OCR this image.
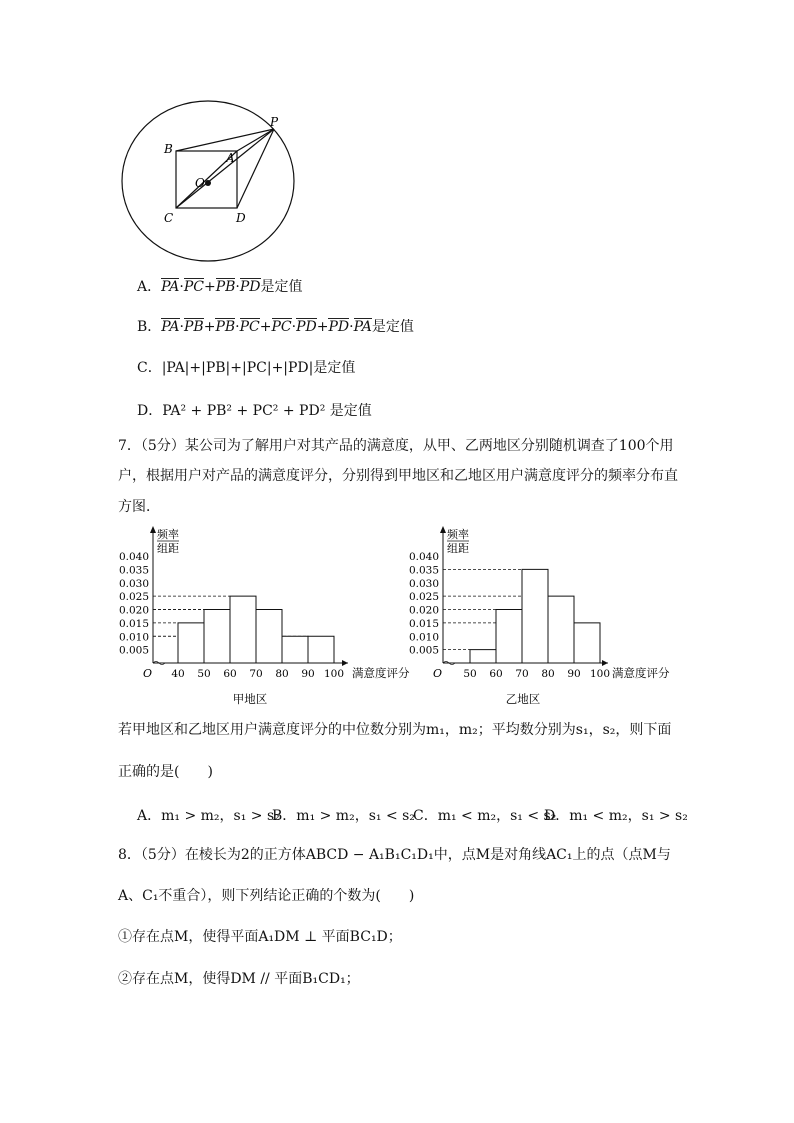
P
B
A
O
C	D
A．PA·PC+PB·PD是定值
B．PA·PB+PB·PC+PC·PD+PD·PA是定值
C．|PA|+|PB|+|PC|+|PD|是定值
D．PA² + PB² + PC² + PD² 是定值
7．（5分）某公司为了解用户对其产品的满意度，从甲、乙两地区分别随机调查了100个用
户，根据用户对产品的满意度评分，分别得到甲地区和乙地区用户满意度评分的频率分布直
方图．
频率
组距
O
0.005
0.010
0.015
0.020
0.025
0.030
0.035
0.040
40 50 60 70 80 90 100 满意度评分
甲地区
频率
组距
O
0.005
0.010
0.015
0.020
0.025
0.030
0.035
0.040
50 60 70 80 90 100 满意度评分
乙地区
若甲地区和乙地区用户满意度评分的中位数分别为m₁，m₂；平均数分别为s₁，s₂，则下面
正确的是(　　)
A．m₁ > m₂，s₁ > s₂
B．m₁ > m₂，s₁ < s₂
C．m₁ < m₂，s₁ < s₂
D．m₁ < m₂，s₁ > s₂
8．（5分）在棱长为2的正方体ABCD − A₁B₁C₁D₁中，点M是对角线AC₁上的点（点M与
A、C₁不重合），则下列结论正确的个数为(　　)
①存在点M，使得平面A₁DM ⊥ 平面BC₁D；
②存在点M，使得DM // 平面B₁CD₁；
